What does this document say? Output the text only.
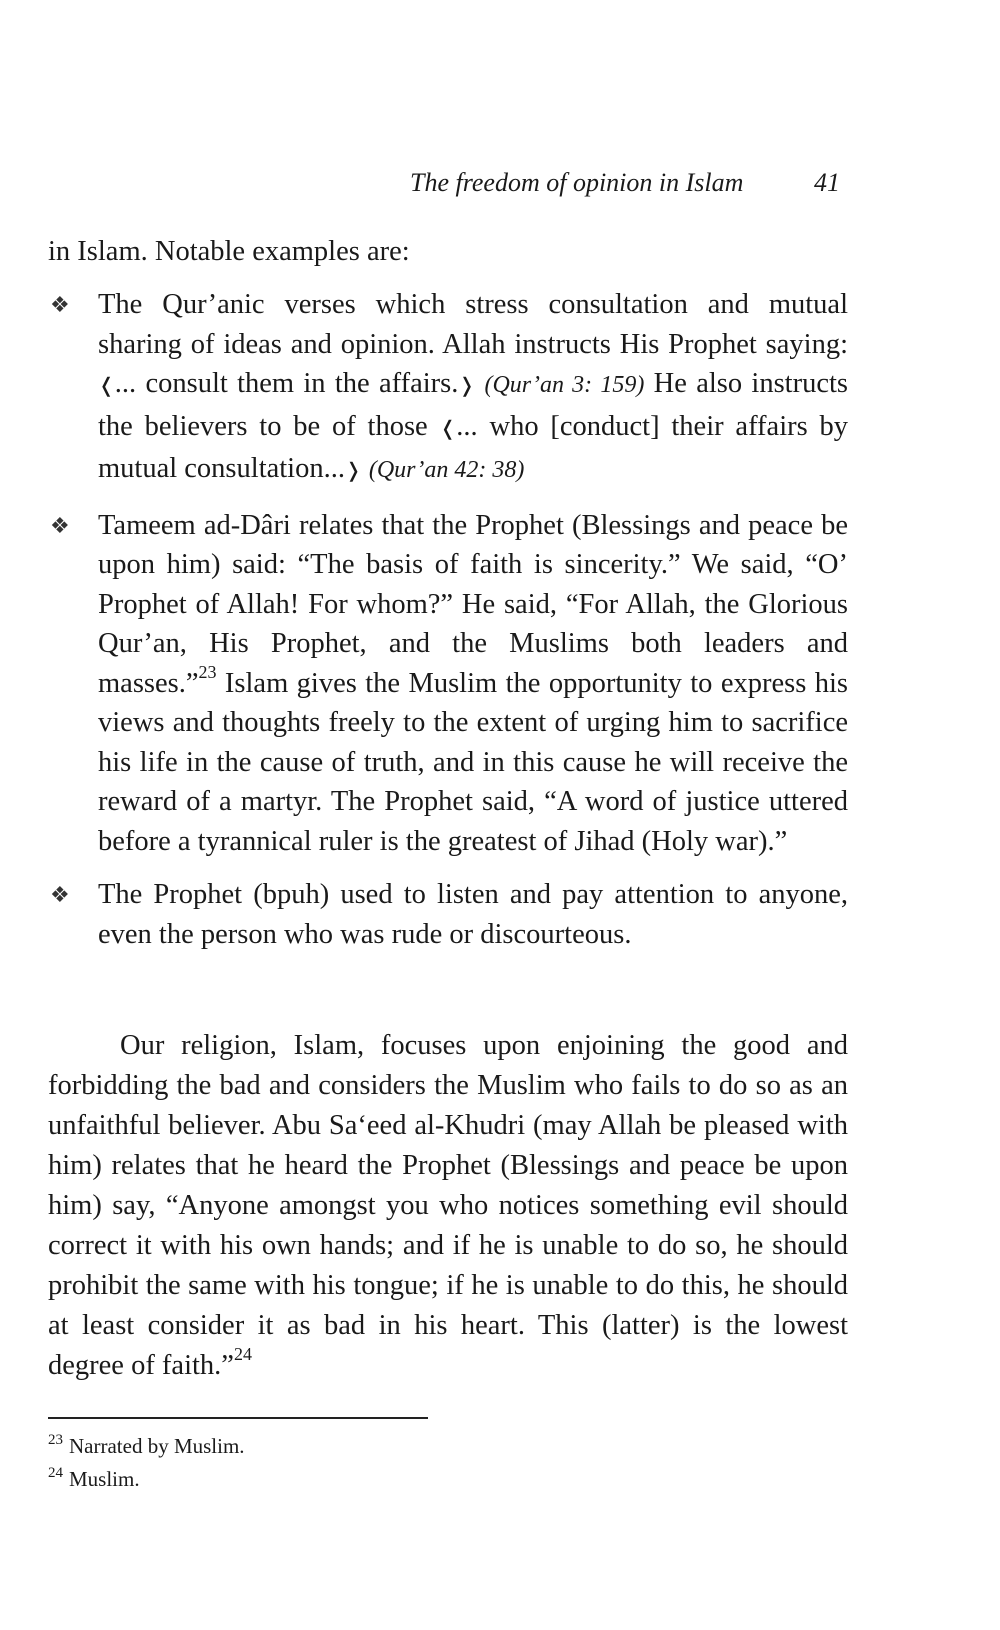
The freedom of opinion in Islam	41
in Islam. Notable examples are:
❖ The Qur’anic verses which stress consultation and mutual sharing of ideas and opinion. Allah instructs His Prophet saying: ❬... consult them in the affairs.❭ (Qur’an 3: 159) He also instructs the believers to be of those ❬... who [conduct] their affairs by mutual consultation...❭ (Qur’an 42: 38)
❖ Tameem ad-Dâri relates that the Prophet (Blessings and peace be upon him) said: “The basis of faith is sincerity.” We said, “O’ Prophet of Allah! For whom?” He said, “For Allah, the Glorious Qur’an, His Prophet, and the Muslims both leaders and masses.”$^{23}$ Islam gives the Muslim the opportunity to express his views and thoughts freely to the extent of urging him to sacrifice his life in the cause of truth, and in this cause he will receive the reward of a martyr. The Prophet said, “A word of justice uttered before a tyrannical ruler is the greatest of Jihad (Holy war).”
❖ The Prophet (bpuh) used to listen and pay attention to anyone, even the person who was rude or discourteous.

Our religion, Islam, focuses upon enjoining the good and forbidding the bad and considers the Muslim who fails to do so as an unfaithful believer. Abu Sa‘eed al-Khudri (may Allah be pleased with him) relates that he heard the Prophet (Blessings and peace be upon him) say, “Anyone amongst you who notices something evil should correct it with his own hands; and if he is unable to do so, he should prohibit the same with his tongue; if he is unable to do this, he should at least consider it as bad in his heart. This (latter) is the lowest degree of faith.”$^{24}$

$^{23}$ Narrated by Muslim.
$^{24}$ Muslim.
